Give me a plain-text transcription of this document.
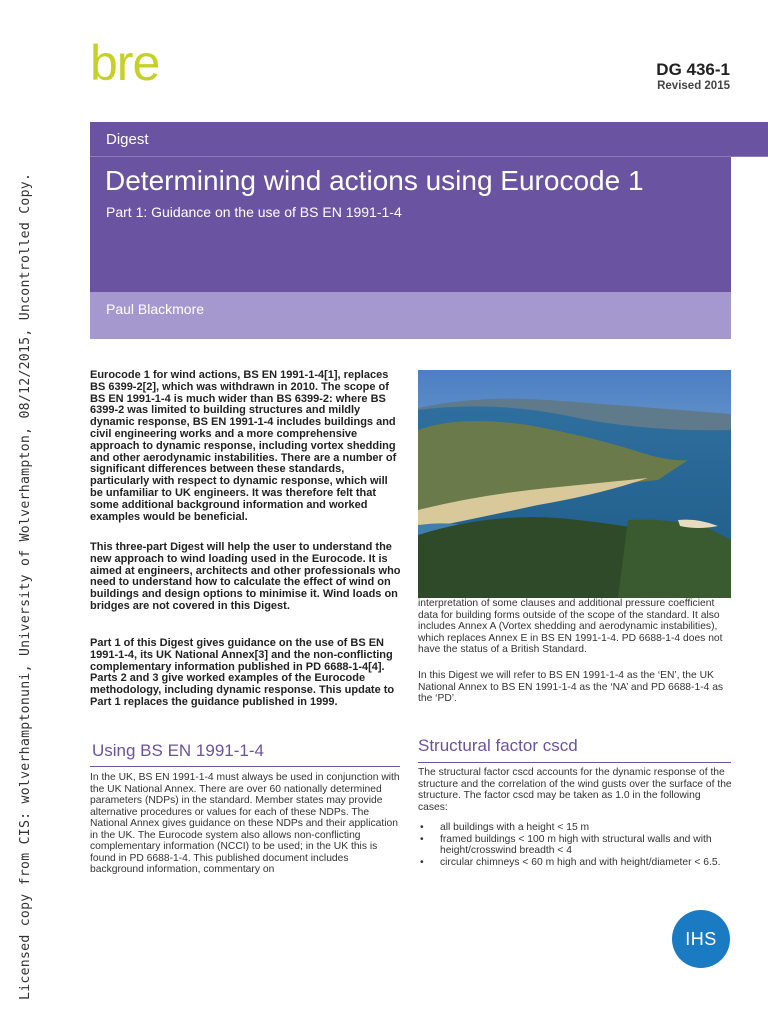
Licensed copy from CIS: wolverhamptonuni, University of Wolverhampton, 08/12/2015, Uncontrolled Copy.
bre	DG 436-1
Revised 2015
Digest
Determining wind actions using Eurocode 1
Part 1: Guidance on the use of BS EN 1991-1-4
Paul Blackmore
Eurocode 1 for wind actions, BS EN 1991-1-4[1], replaces BS 6399-2[2], which was withdrawn in 2010. The scope of BS EN 1991-1-4 is much wider than BS 6399-2: where BS 6399-2 was limited to building structures and mildly dynamic response, BS EN 1991-1-4 includes buildings and civil engineering works and a more comprehensive approach to dynamic response, including vortex shedding and other aerodynamic instabilities. There are a number of significant differences between these standards, particularly with respect to dynamic response, which will be unfamiliar to UK engineers. It was therefore felt that some additional background information and worked examples would be beneficial.
This three-part Digest will help the user to understand the new approach to wind loading used in the Eurocode. It is aimed at engineers, architects and other professionals who need to understand how to calculate the effect of wind on buildings and design options to minimise it. Wind loads on bridges are not covered in this Digest.
Part 1 of this Digest gives guidance on the use of BS EN 1991-1-4, its UK National Annex[3] and the non-conflicting complementary information published in PD 6688-1-4[4]. Parts 2 and 3 give worked examples of the Eurocode methodology, including dynamic response. This update to Part 1 replaces the guidance published in 1999.
interpretation of some clauses and additional pressure coefficient data for building forms outside of the scope of the standard. It also includes Annex A (Vortex shedding and aerodynamic instabilities), which replaces Annex E in BS EN 1991-1-4. PD 6688-1-4 does not have the status of a British Standard.
In this Digest we will refer to BS EN 1991-1-4 as the ‘EN’, the UK National Annex to BS EN 1991-1-4 as the ‘NA’ and PD 6688-1-4 as the ‘PD’.
Using BS EN 1991-1-4
In the UK, BS EN 1991-1-4 must always be used in conjunction with the UK National Annex. There are over 60 nationally determined parameters (NDPs) in the standard. Member states may provide alternative procedures or values for each of these NDPs. The National Annex gives guidance on these NDPs and their application in the UK. The Eurocode system also allows non-conflicting complementary information (NCCI) to be used; in the UK this is found in PD 6688-1-4. This published document includes background information, commentary on
Structural factor cscd
The structural factor cscd accounts for the dynamic response of the structure and the correlation of the wind gusts over the surface of the structure. The factor cscd may be taken as 1.0 in the following cases:
• all buildings with a height < 15 m
• framed buildings < 100 m high with structural walls and with height/crosswind breadth < 4
• circular chimneys < 60 m high and with height/diameter < 6.5.
IHS
